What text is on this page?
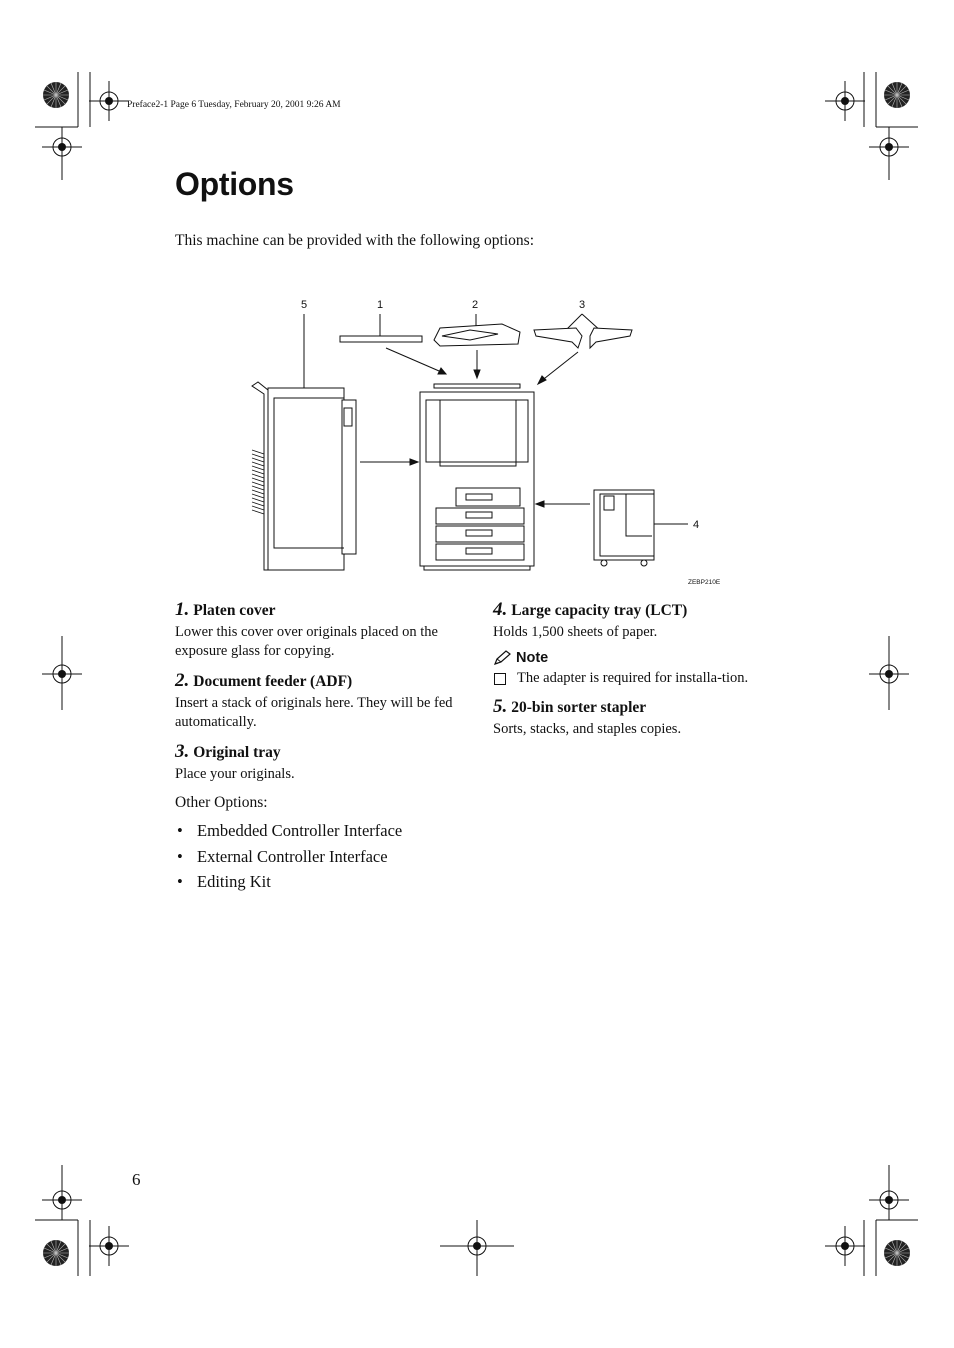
Preface2-1 Page 6 Tuesday, February 20, 2001 9:26 AM
Options
This machine can be provided with the following options:
5	1	2	3
4
ZEBP210E
1. Platen cover

Lower this cover over originals placed on the exposure glass for copying.

2. Document feeder (ADF)

Insert a stack of originals here. They will be fed automatically.

3. Original tray

Place your originals.

Other Options:

• Embedded Controller Interface
• External Controller Interface
• Editing Kit
4. Large capacity tray (LCT)

Holds 1,500 sheets of paper.

Note
The adapter is required for installa-tion.
5. 20-bin sorter stapler

Sorts, stacks, and staples copies.

6
